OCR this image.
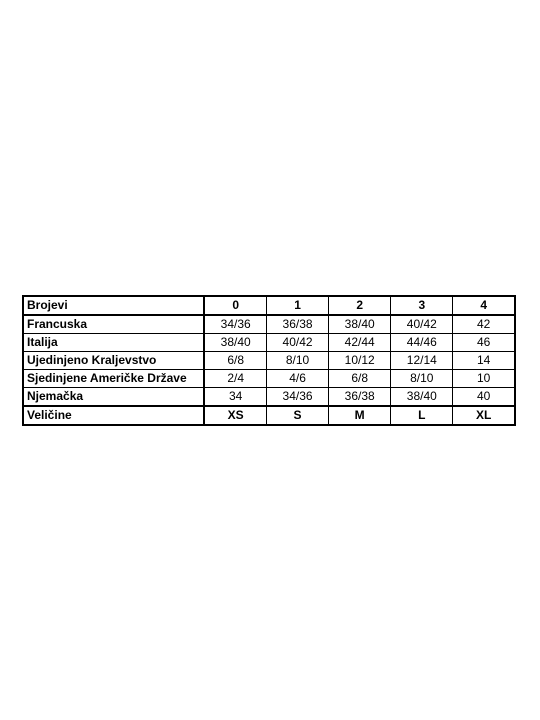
Brojevi	0	1	2	3	4
Francuska	34/36	36/38	38/40	40/42	42
Italija	38/40	40/42	42/44	44/46	46
Ujedinjeno Kraljevstvo	6/8	8/10	10/12	12/14	14
Sjedinjene Američke Države	2/4	4/6	6/8	8/10	10
Njemačka	34	34/36	36/38	38/40	40
Veličine	XS	S	M	L	XL
